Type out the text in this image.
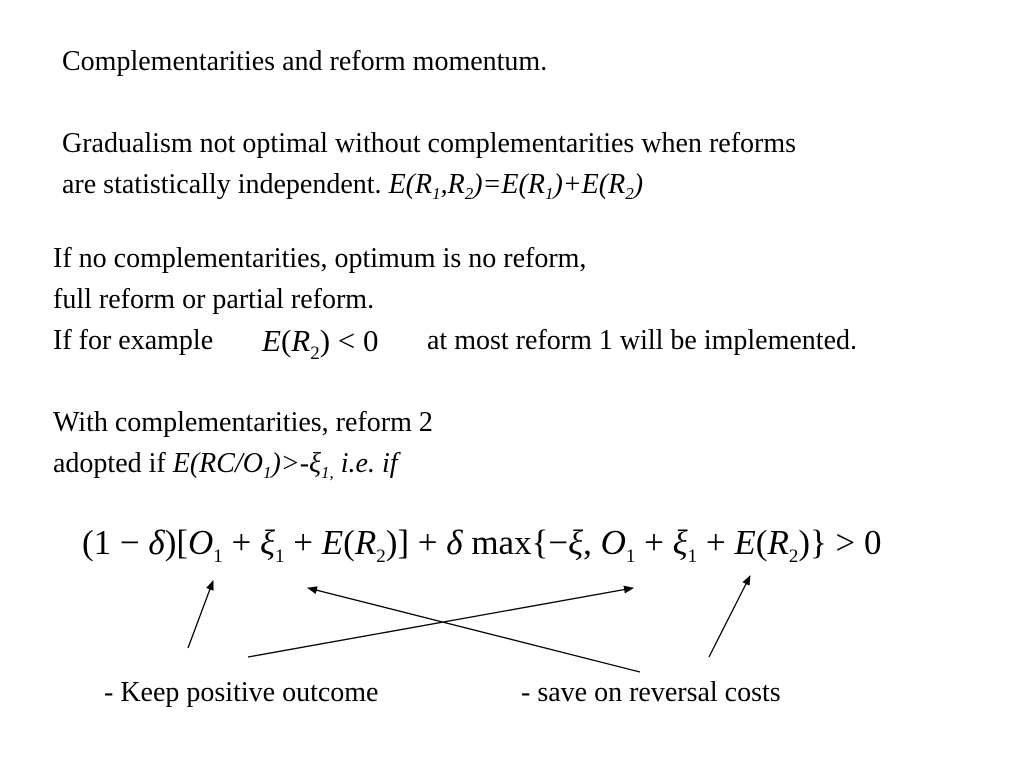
Complementarities and reform momentum.
Gradualism not optimal without complementarities when reforms
are statistically independent. $E(R_1,R_2)=E(R_1)+E(R_2)$
If no complementarities, optimum is no reform,
full reform or partial reform.
If for example $E(R_2) < 0$ at most reform 1 will be implemented.
With complementarities, reform 2
adopted if $E(RC/O_1)>-\xi_{1,}$ i.e. if
$(1 - \delta)[O_1 + \xi_1 + E(R_2)] + \delta$ max{−ξ, $O_1 + \xi_1 + E(R_2)\} > 0$
- Keep positive outcome	- save on reversal costs
